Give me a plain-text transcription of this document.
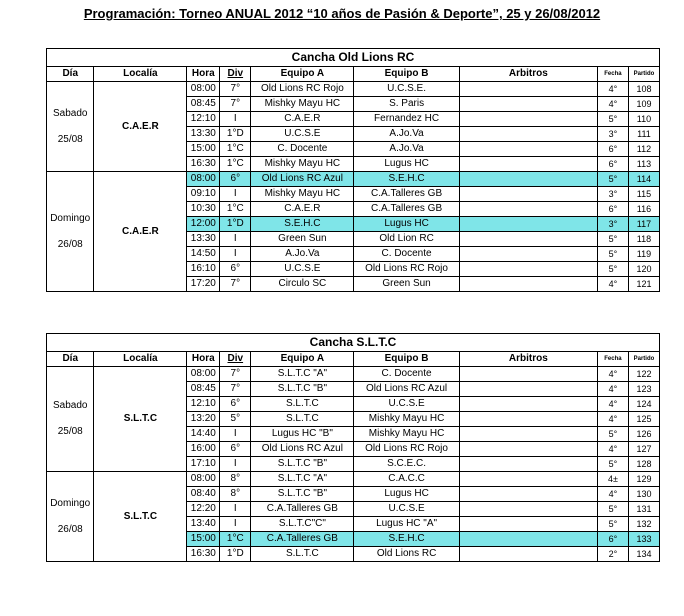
Programación: Torneo ANUAL 2012 “10 años de Pasión & Deporte”, 25 y 26/08/2012
Cancha Old Lions RC								
Día	Localía	Hora	Div	Equipo A	Equipo B	Arbitros	Fecha	Partido

Sabado
25/08	C.A.E.R	08:00	7°	Old Lions RC Rojo	U.C.S.E.		4°	108
		08:45	7°	Mishky Mayu HC	S. Paris		4°	109
		12:10	I	C.A.E.R	Fernandez HC		5°	110
		13:30	1°D	U.C.S.E	A.Jo.Va		3°	111
		15:00	1°C	C. Docente	A.Jo.Va		6°	112
		16:30	1°C	Mishky Mayu HC	Lugus HC		6°	113

Domingo
26/08	C.A.E.R	08:00	6°	Old Lions RC Azul	S.E.H.C		5°	114
		09:10	I	Mishky Mayu HC	C.A.Talleres GB		3°	115
		10:30	1°C	C.A.E.R	C.A.Talleres GB		6°	116
		12:00	1°D	S.E.H.C	Lugus HC		3°	117
		13:30	I	Green Sun	Old Lion RC		5°	118
		14:50	I	A.Jo.Va	C. Docente		5°	119
		16:10	6°	U.C.S.E	Old Lions RC Rojo		5°	120
		17:20	7°	Circulo SC	Green Sun		4°	121
Cancha S.L.T.C								
Día	Localía	Hora	Div	Equipo A	Equipo B	Arbitros	Fecha	Partido

Sabado
25/08	S.L.T.C	08:00	7°	S.L.T.C "A"	C. Docente		4°	122
		08:45	7°	S.L.T.C "B"	Old Lions RC Azul		4°	123
		12:10	6°	S.L.T.C	U.C.S.E		4°	124
		13:20	5°	S.L.T.C	Mishky Mayu HC		4°	125
		14:40	I	Lugus HC "B"	Mishky Mayu HC		5°	126
		16:00	6°	Old Lions RC Azul	Old Lions RC Rojo		4°	127
		17:10	I	S.L.T.C "B"	S.C.E.C.		5°	128

Domingo
26/08	S.L.T.C	08:00	8°	S.L.T.C "A"	C.A.C.C		4±	129
		08:40	8°	S.L.T.C "B"	Lugus HC		4°	130
		12:20	I	C.A.Talleres GB	U.C.S.E		5°	131
		13:40	I	S.L.T.C"C"	Lugus HC "A"		5°	132
		15:00	1°C	C.A.Talleres GB	S.E.H.C		6°	133
		16:30	1°D	S.L.T.C	Old Lions RC		2°	134
